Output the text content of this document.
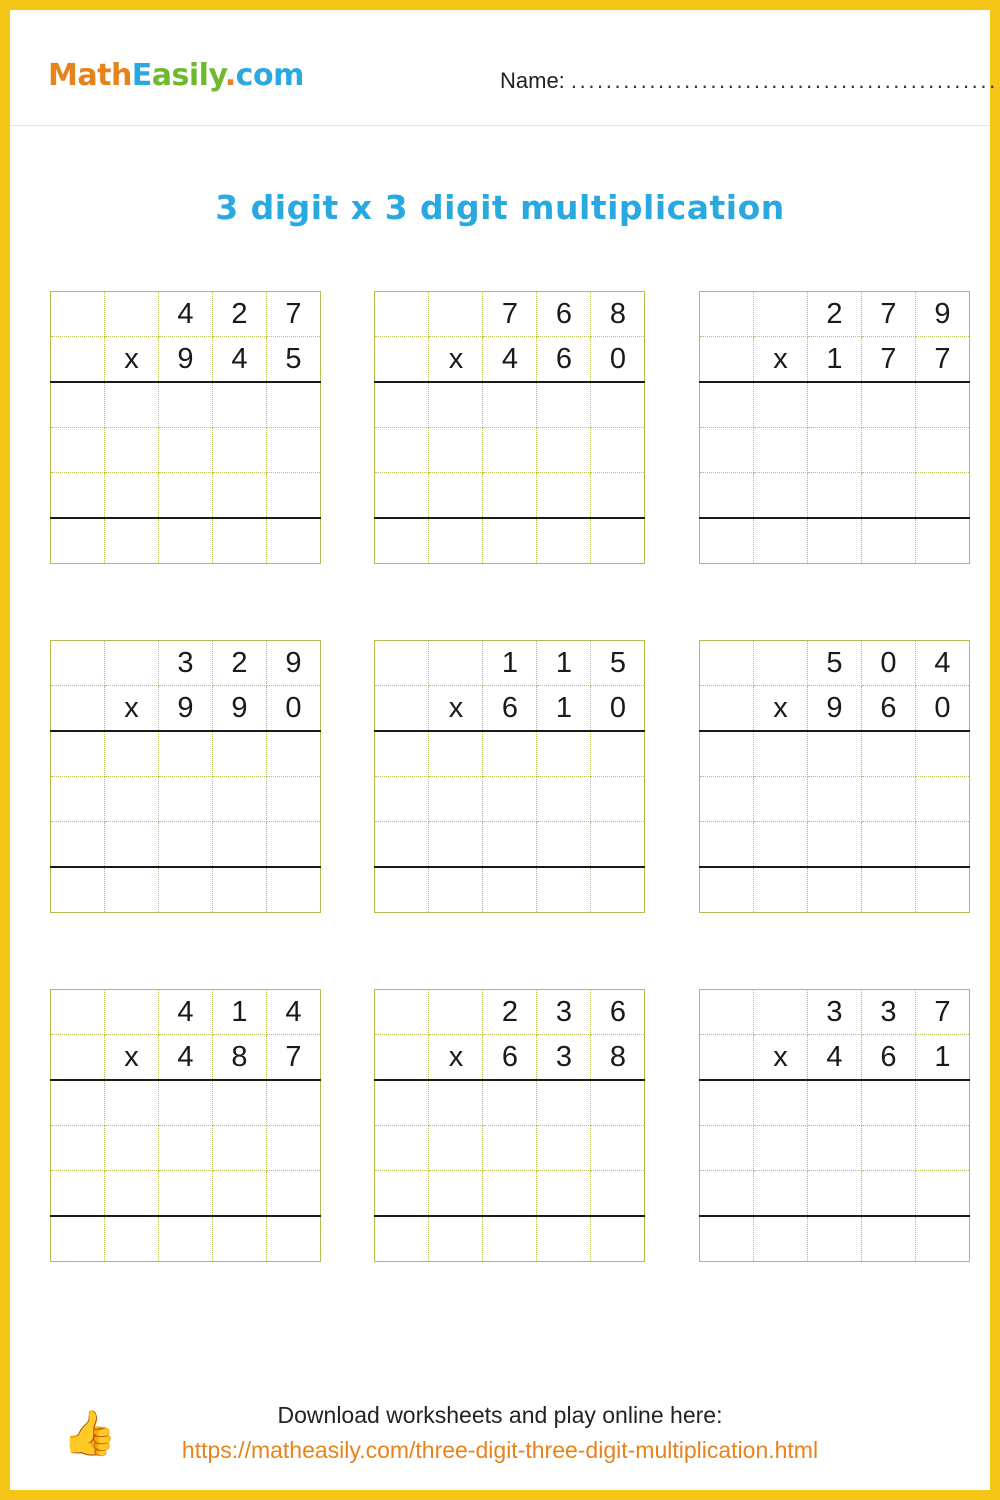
MathEasily.com	Name: .................................................
3 digit x 3 digit multiplication
		4	2	7
	x	9	4	5

		7	6	8
	x	4	6	0

		2	7	9
	x	1	7	7

		3	2	9
	x	9	9	0

		1	1	5
	x	6	1	0

		5	0	4
	x	9	6	0

		4	1	4
	x	4	8	7

		2	3	6
	x	6	3	8

		3	3	7
	x	4	6	1

👍	Download worksheets and play online here:
https://matheasily.com/three-digit-three-digit-multiplication.html
